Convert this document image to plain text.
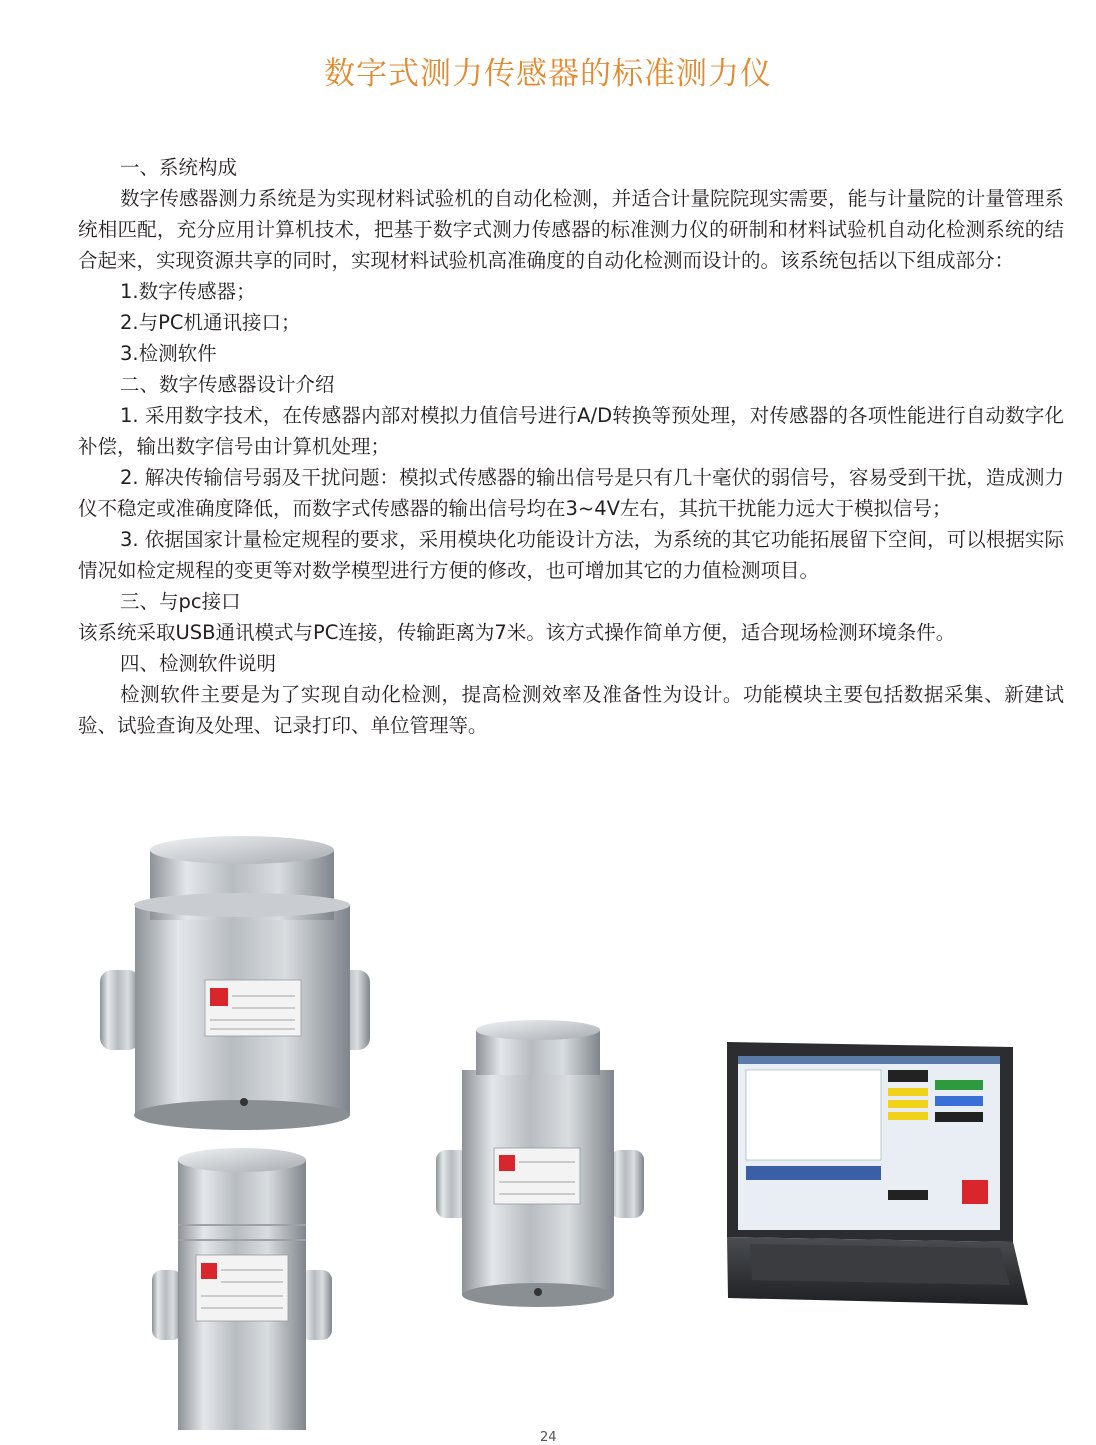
数字式测力传感器的标准测力仪

一、系统构成

数字传感器测力系统是为实现材料试验机的自动化检测，并适合计量院院现实需要，能与计量院的计量管理系统相匹配，充分应用计算机技术，把基于数字式测力传感器的标准测力仪的研制和材料试验机自动化检测系统的结合起来，实现资源共享的同时，实现材料试验机高准确度的自动化检测而设计的。该系统包括以下组成部分：

1.数字传感器；

2.与PC机通讯接口；

3.检测软件

二、数字传感器设计介绍

1. 采用数字技术，在传感器内部对模拟力值信号进行A/D转换等预处理，对传感器的各项性能进行自动数字化补偿，输出数字信号由计算机处理；

2. 解决传输信号弱及干扰问题：模拟式传感器的输出信号是只有几十毫伏的弱信号，容易受到干扰，造成测力仪不稳定或准确度降低，而数字式传感器的输出信号均在3~4V左右，其抗干扰能力远大于模拟信号；

3. 依据国家计量检定规程的要求，采用模块化功能设计方法，为系统的其它功能拓展留下空间，可以根据实际情况如检定规程的变更等对数学模型进行方便的修改，也可增加其它的力值检测项目。

三、与pc接口

该系统采取USB通讯模式与PC连接，传输距离为7米。该方式操作简单方便，适合现场检测环境条件。

四、检测软件说明

检测软件主要是为了实现自动化检测，提高检测效率及准备性为设计。功能模块主要包括数据采集、新建试验、试验查询及处理、记录打印、单位管理等。

24
